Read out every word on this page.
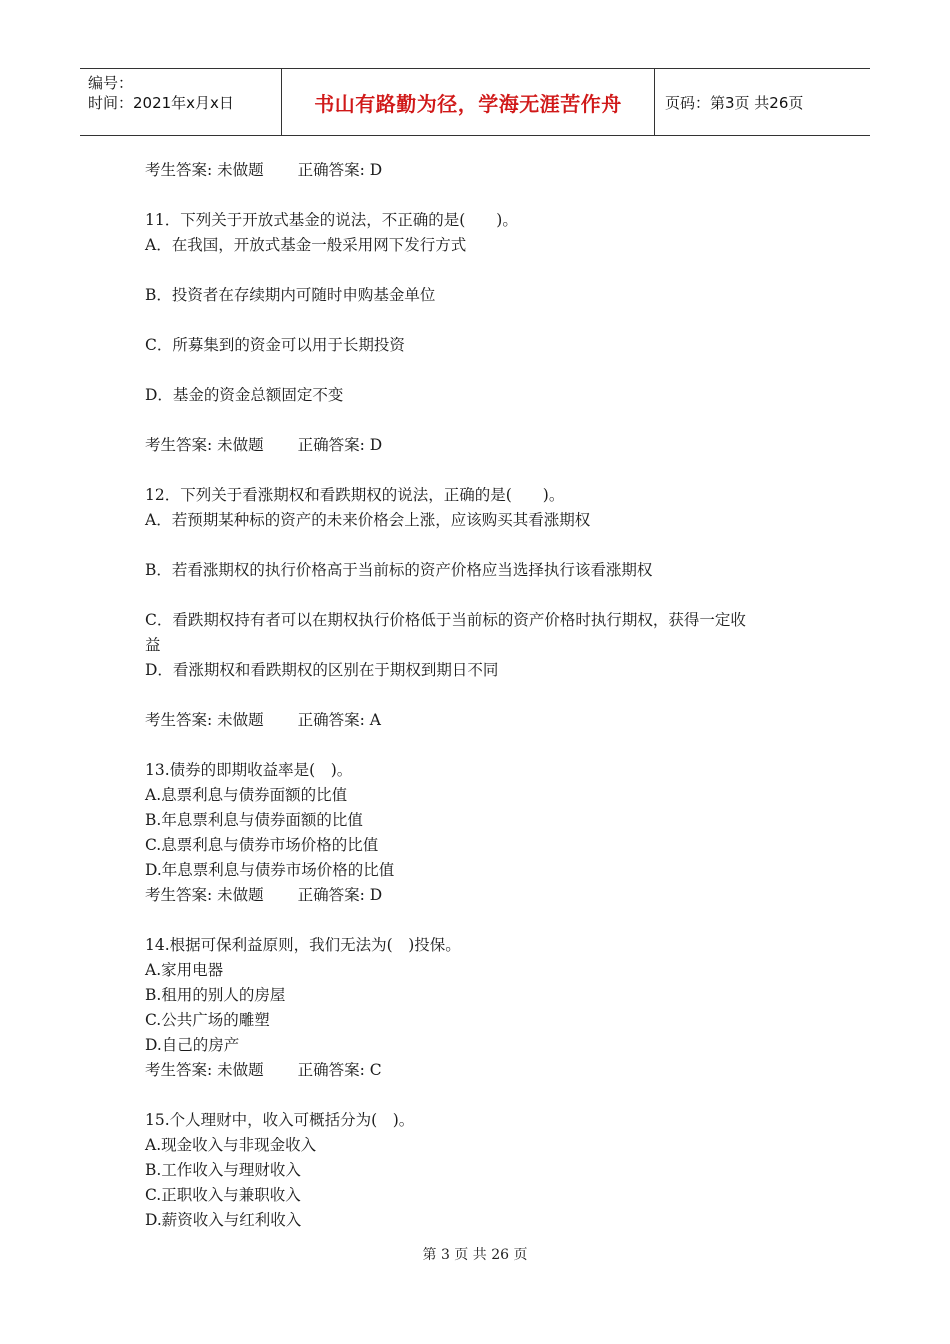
编号：
时间：2021年x月x日	书山有路勤为径，学海无涯苦作舟	页码：第3页 共26页
考生答案: 未做题 正确答案: D
11．下列关于开放式基金的说法，不正确的是(　　)。
A．在我国，开放式基金一般采用网下发行方式
B．投资者在存续期内可随时申购基金单位
C．所募集到的资金可以用于长期投资
D．基金的资金总额固定不变
考生答案: 未做题 正确答案: D
12．下列关于看涨期权和看跌期权的说法，正确的是(　　)。
A．若预期某种标的资产的未来价格会上涨，应该购买其看涨期权
B．若看涨期权的执行价格高于当前标的资产价格应当选择执行该看涨期权
C．看跌期权持有者可以在期权执行价格低于当前标的资产价格时执行期权，获得一定收
益
D．看涨期权和看跌期权的区别在于期权到期日不同
考生答案: 未做题 正确答案: A
13.债券的即期收益率是(　)。
A.息票利息与债券面额的比值
B.年息票利息与债券面额的比值
C.息票利息与债券市场价格的比值
D.年息票利息与债券市场价格的比值
考生答案: 未做题 正确答案: D
14.根据可保利益原则，我们无法为(　)投保。
A.家用电器
B.租用的别人的房屋
C.公共广场的雕塑
D.自己的房产
考生答案: 未做题 正确答案: C
15.个人理财中，收入可概括分为(　)。
A.现金收入与非现金收入
B.工作收入与理财收入
C.正职收入与兼职收入
D.薪资收入与红利收入
第 3 页 共 26 页
